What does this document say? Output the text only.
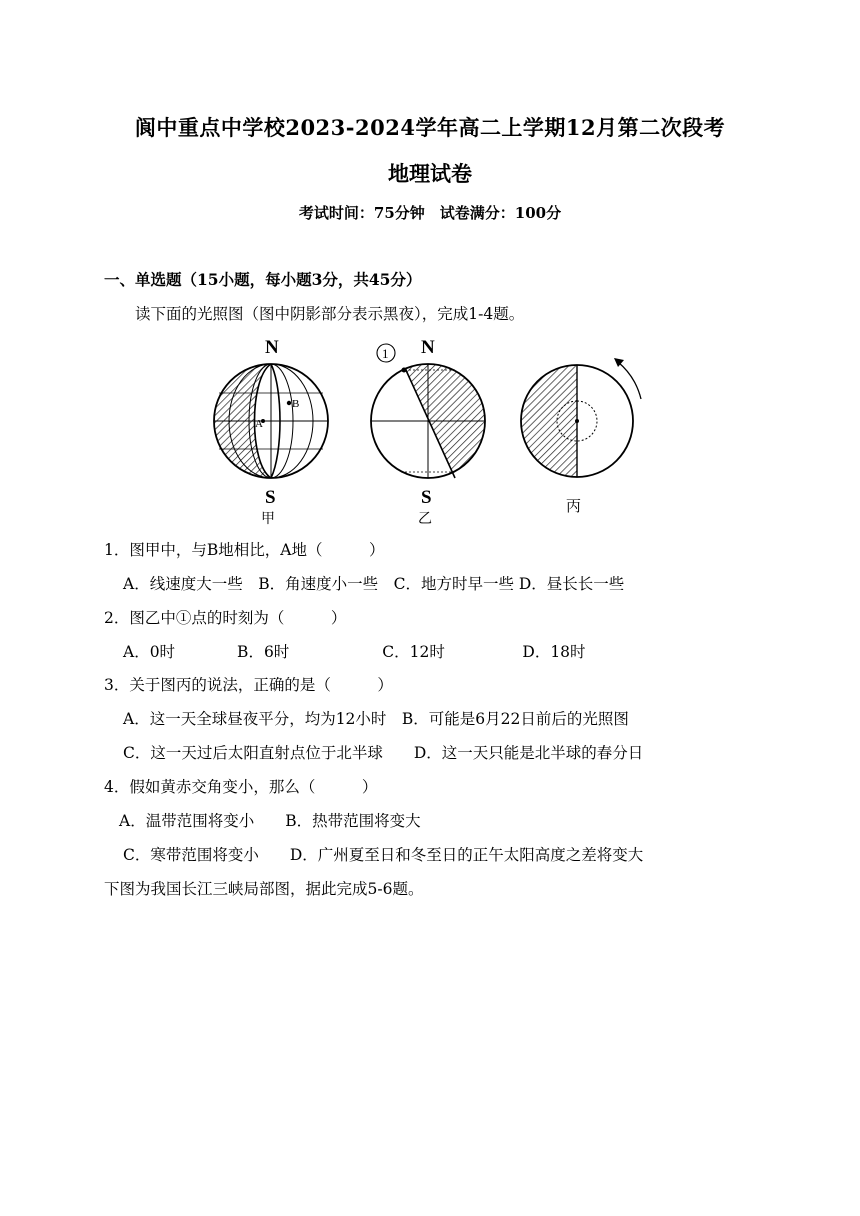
阆中重点中学校2023-2024学年高二上学期12月第二次段考
地理试卷
考试时间：75分钟　试卷满分：100分
一、单选题（15小题，每小题3分，共45分）
读下面的光照图（图中阴影部分表示黑夜），完成1-4题。
N
S
A
B
甲
1 N
S
乙
丙
1．图甲中，与B地相比，A地（　　　）
A．线速度大一些　B．角速度小一些　C．地方时早一些 D．昼长长一些
2．图乙中①点的时刻为（　　　）
A．0时　　　　B．6时　　　　　　C．12时　　　　　D．18时
3．关于图丙的说法，正确的是（　　　）
A．这一天全球昼夜平分，均为12小时　B．可能是6月22日前后的光照图
C．这一天过后太阳直射点位于北半球　　D．这一天只能是北半球的春分日
4．假如黄赤交角变小，那么（　　　）
A．温带范围将变小　　B．热带范围将变大
C．寒带范围将变小　　D．广州夏至日和冬至日的正午太阳高度之差将变大
下图为我国长江三峡局部图，据此完成5-6题。
